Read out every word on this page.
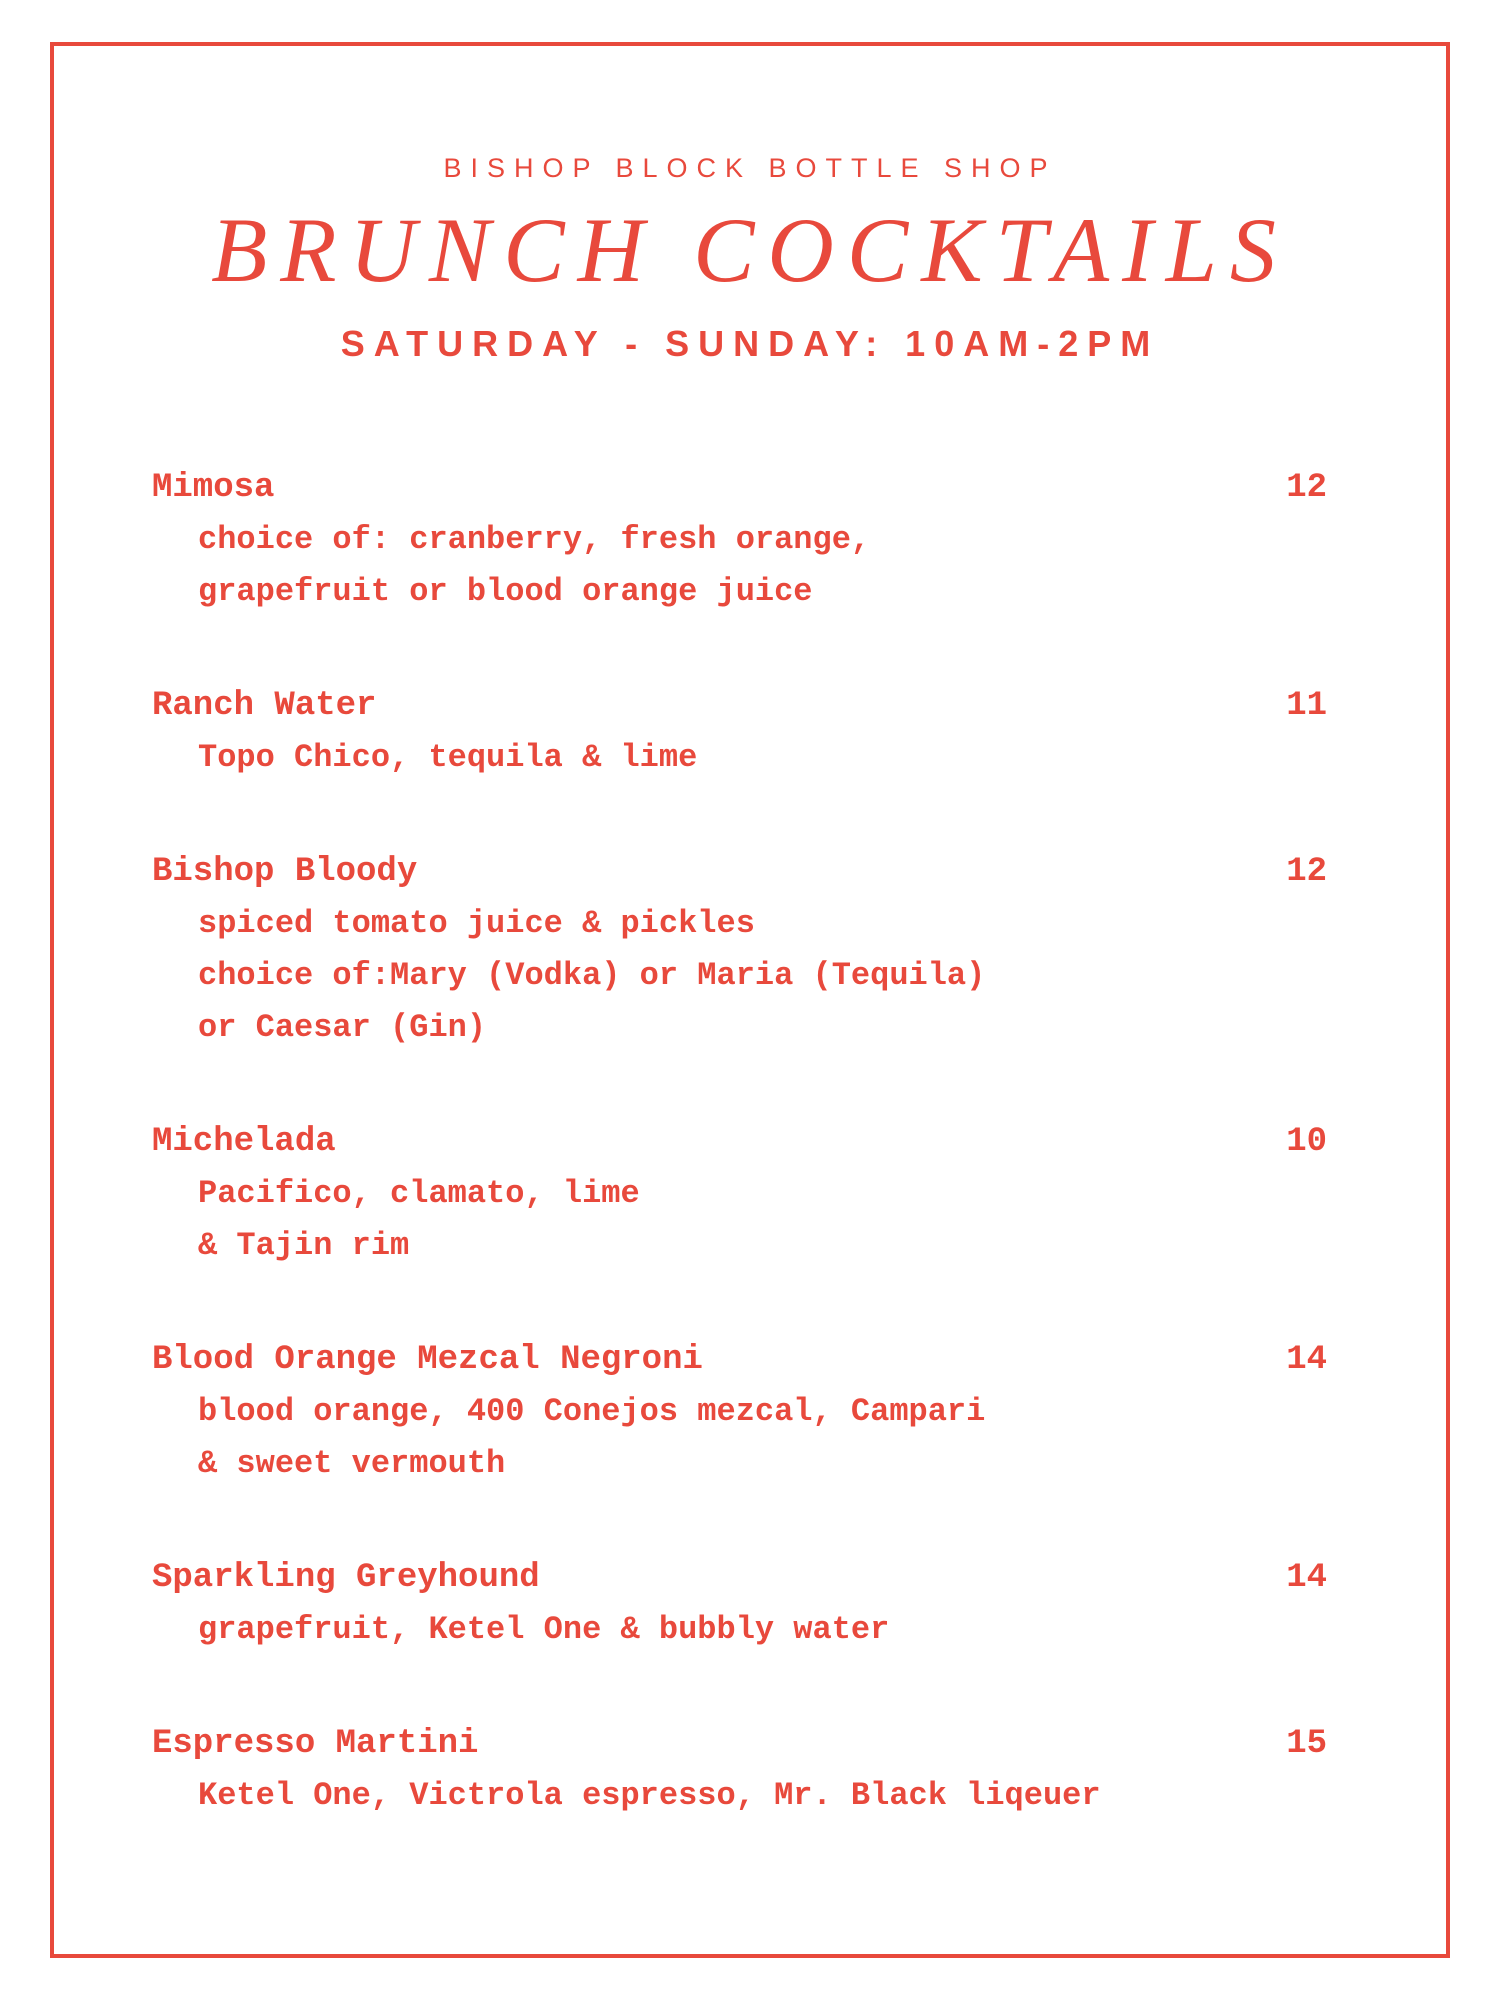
BISHOP BLOCK BOTTLE SHOP
BRUNCH COCKTAILS
SATURDAY - SUNDAY: 10AM-2PM
Mimosa	12
choice of: cranberry, fresh orange,
grapefruit or blood orange juice
Ranch Water	11
Topo Chico, tequila & lime
Bishop Bloody	12
spiced tomato juice & pickles
choice of:Mary (Vodka) or Maria (Tequila)
or Caesar (Gin)
Michelada	10
Pacifico, clamato, lime
& Tajin rim
Blood Orange Mezcal Negroni	14
blood orange, 400 Conejos mezcal, Campari
& sweet vermouth
Sparkling Greyhound	14
grapefruit, Ketel One & bubbly water
Espresso Martini	15
Ketel One, Victrola espresso, Mr. Black liqeuer
